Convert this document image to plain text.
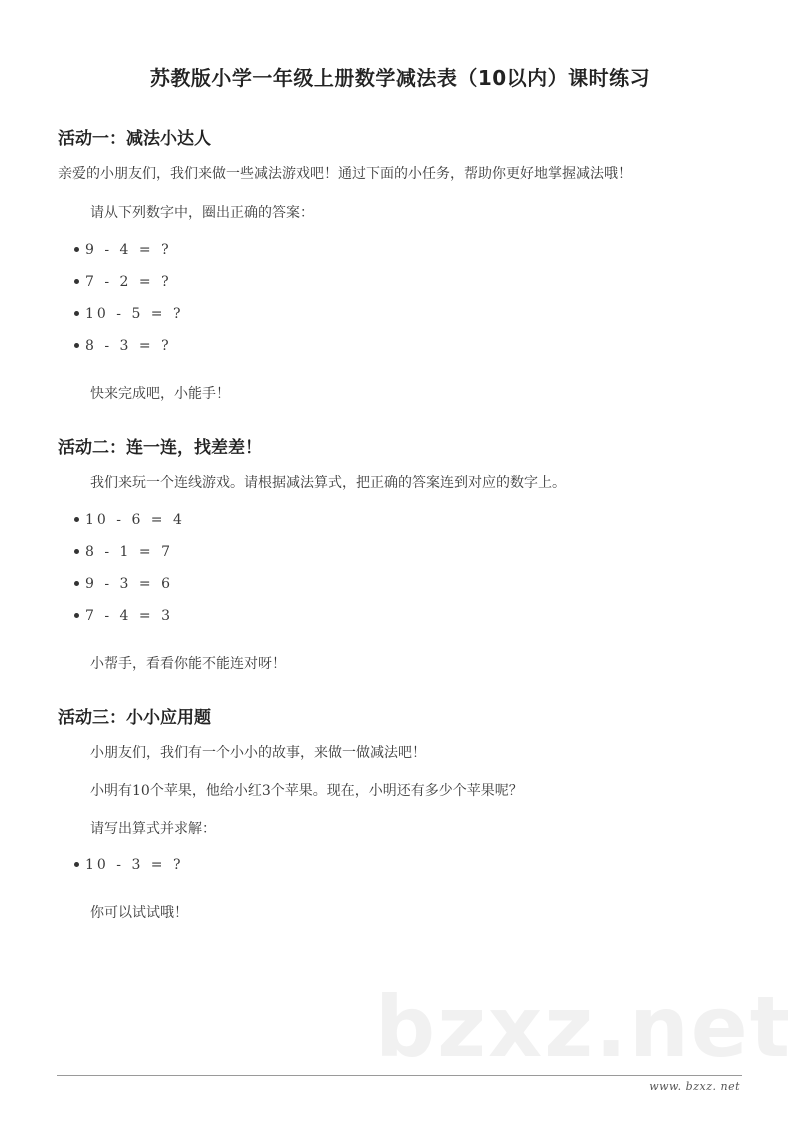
苏教版小学一年级上册数学减法表（10以内）课时练习
活动一：减法小达人
亲爱的小朋友们，我们来做一些减法游戏吧！通过下面的小任务，帮助你更好地掌握减法哦！
请从下列数字中，圈出正确的答案：
9 - 4 = ?
7 - 2 = ?
10 - 5 = ?
8 - 3 = ?
快来完成吧，小能手！
活动二：连一连，找差差！
我们来玩一个连线游戏。请根据减法算式，把正确的答案连到对应的数字上。
10 - 6 = 4
8 - 1 = 7
9 - 3 = 6
7 - 4 = 3
小帮手，看看你能不能连对呀！
活动三：小小应用题
小朋友们，我们有一个小小的故事，来做一做减法吧！
小明有10个苹果，他给小红3个苹果。现在，小明还有多少个苹果呢？
请写出算式并求解：
10 - 3 = ?
你可以试试哦！
bzxz.net
www. bzxz. net
